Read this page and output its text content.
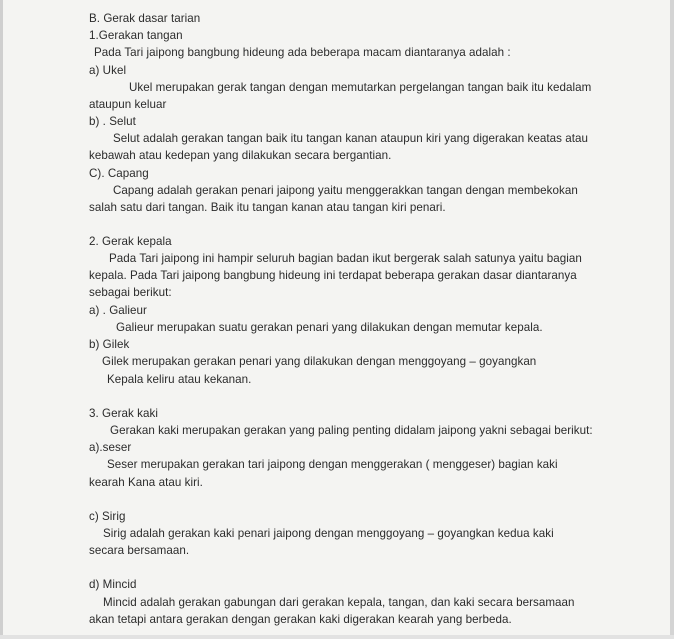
B. Gerak dasar tarian
1.Gerakan tangan
Pada Tari jaipong bangbung hideung ada beberapa macam diantaranya adalah :
a) Ukel
Ukel merupakan gerak tangan dengan memutarkan pergelangan tangan baik itu kedalam
ataupun keluar
b) . Selut
Selut adalah gerakan tangan baik itu tangan kanan ataupun kiri yang digerakan keatas atau
kebawah atau kedepan yang dilakukan secara bergantian.
C). Capang
Capang adalah gerakan penari jaipong yaitu menggerakkan tangan dengan membekokan
salah satu dari tangan. Baik itu tangan kanan atau tangan kiri penari.
2. Gerak kepala
Pada Tari jaipong ini hampir seluruh bagian badan ikut bergerak salah satunya yaitu bagian
kepala. Pada Tari jaipong bangbung hideung ini terdapat beberapa gerakan dasar diantaranya
sebagai berikut:
a) . Galieur
Galieur merupakan suatu gerakan penari yang dilakukan dengan memutar kepala.
b) Gilek
Gilek merupakan gerakan penari yang dilakukan dengan menggoyang – goyangkan
Kepala keliru atau kekanan.
3. Gerak kaki
Gerakan kaki merupakan gerakan yang paling penting didalam jaipong yakni sebagai berikut:
a).seser
Seser merupakan gerakan tari jaipong dengan menggerakan ( menggeser) bagian kaki
kearah Kana atau kiri.
c) Sirig
Sirig adalah gerakan kaki penari jaipong dengan menggoyang – goyangkan kedua kaki
secara bersamaan.
d) Mincid
Mincid adalah gerakan gabungan dari gerakan kepala, tangan, dan kaki secara bersamaan
akan tetapi antara gerakan dengan gerakan kaki digerakan kearah yang berbeda.
